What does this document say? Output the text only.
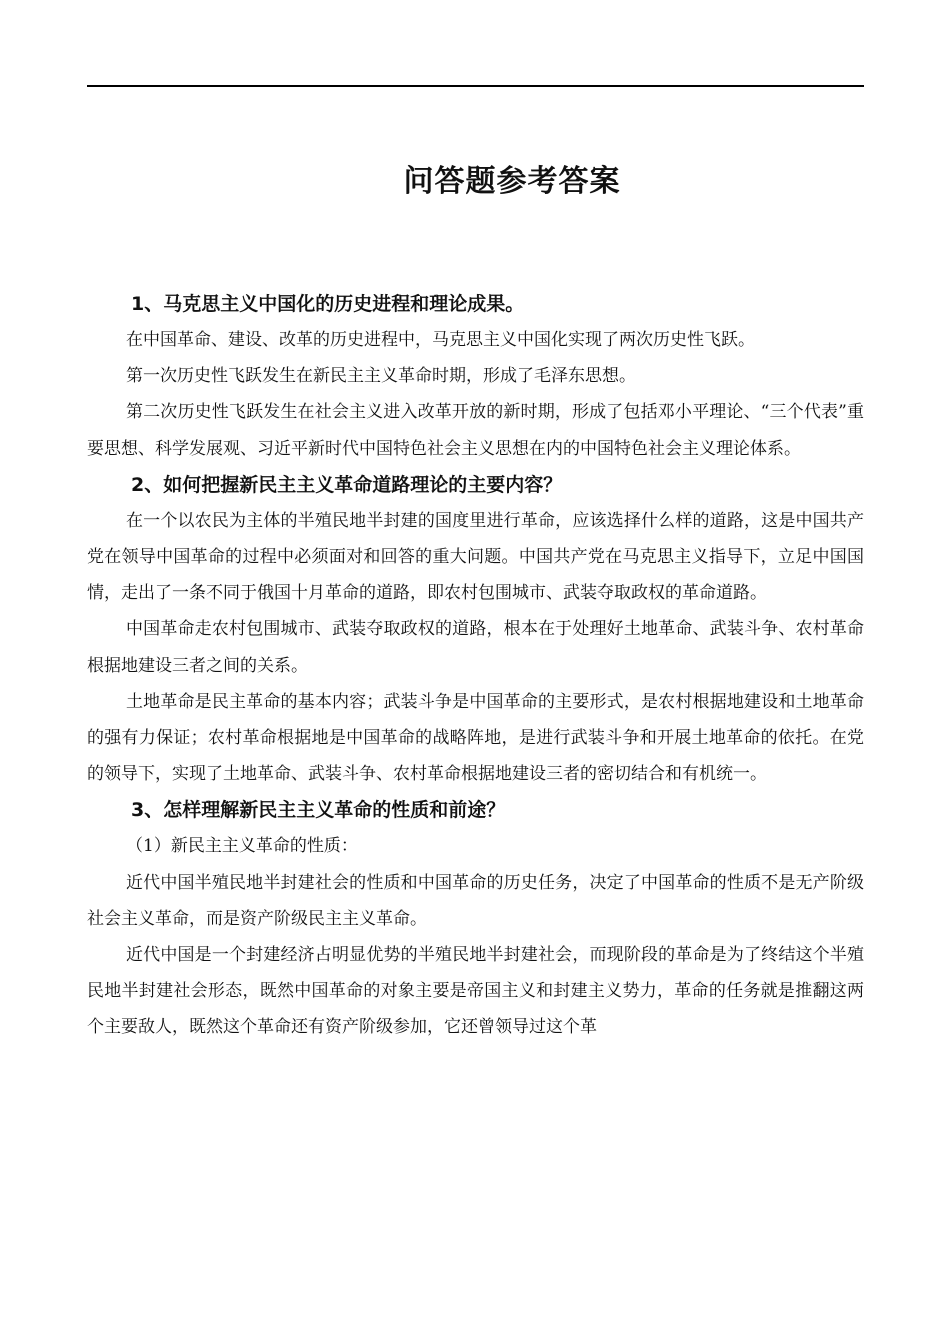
问答题参考答案
1、马克思主义中国化的历史进程和理论成果。

在中国革命、建设、改革的历史进程中，马克思主义中国化实现了两次历史性飞跃。

第一次历史性飞跃发生在新民主主义革命时期，形成了毛泽东思想。

第二次历史性飞跃发生在社会主义进入改革开放的新时期，形成了包括邓小平理论、“三个代表”重要思想、科学发展观、习近平新时代中国特色社会主义思想在内的中国特色社会主义理论体系。

2、如何把握新民主主义革命道路理论的主要内容？

在一个以农民为主体的半殖民地半封建的国度里进行革命，应该选择什么样的道路，这是中国共产党在领导中国革命的过程中必须面对和回答的重大问题。中国共产党在马克思主义指导下，立足中国国情，走出了一条不同于俄国十月革命的道路，即农村包围城市、武装夺取政权的革命道路。

中国革命走农村包围城市、武装夺取政权的道路，根本在于处理好土地革命、武装斗争、农村革命根据地建设三者之间的关系。

土地革命是民主革命的基本内容；武装斗争是中国革命的主要形式，是农村根据地建设和土地革命的强有力保证；农村革命根据地是中国革命的战略阵地，是进行武装斗争和开展土地革命的依托。在党的领导下，实现了土地革命、武装斗争、农村革命根据地建设三者的密切结合和有机统一。

3、怎样理解新民主主义革命的性质和前途？
（1）新民主主义革命的性质：

近代中国半殖民地半封建社会的性质和中国革命的历史任务，决定了中国革命的性质不是无产阶级社会主义革命，而是资产阶级民主主义革命。

近代中国是一个封建经济占明显优势的半殖民地半封建社会，而现阶段的革命是为了终结这个半殖民地半封建社会形态，既然中国革命的对象主要是帝国主义和封建主义势力，革命的任务就是推翻这两个主要敌人，既然这个革命还有资产阶级参加，它还曾领导过这个革
